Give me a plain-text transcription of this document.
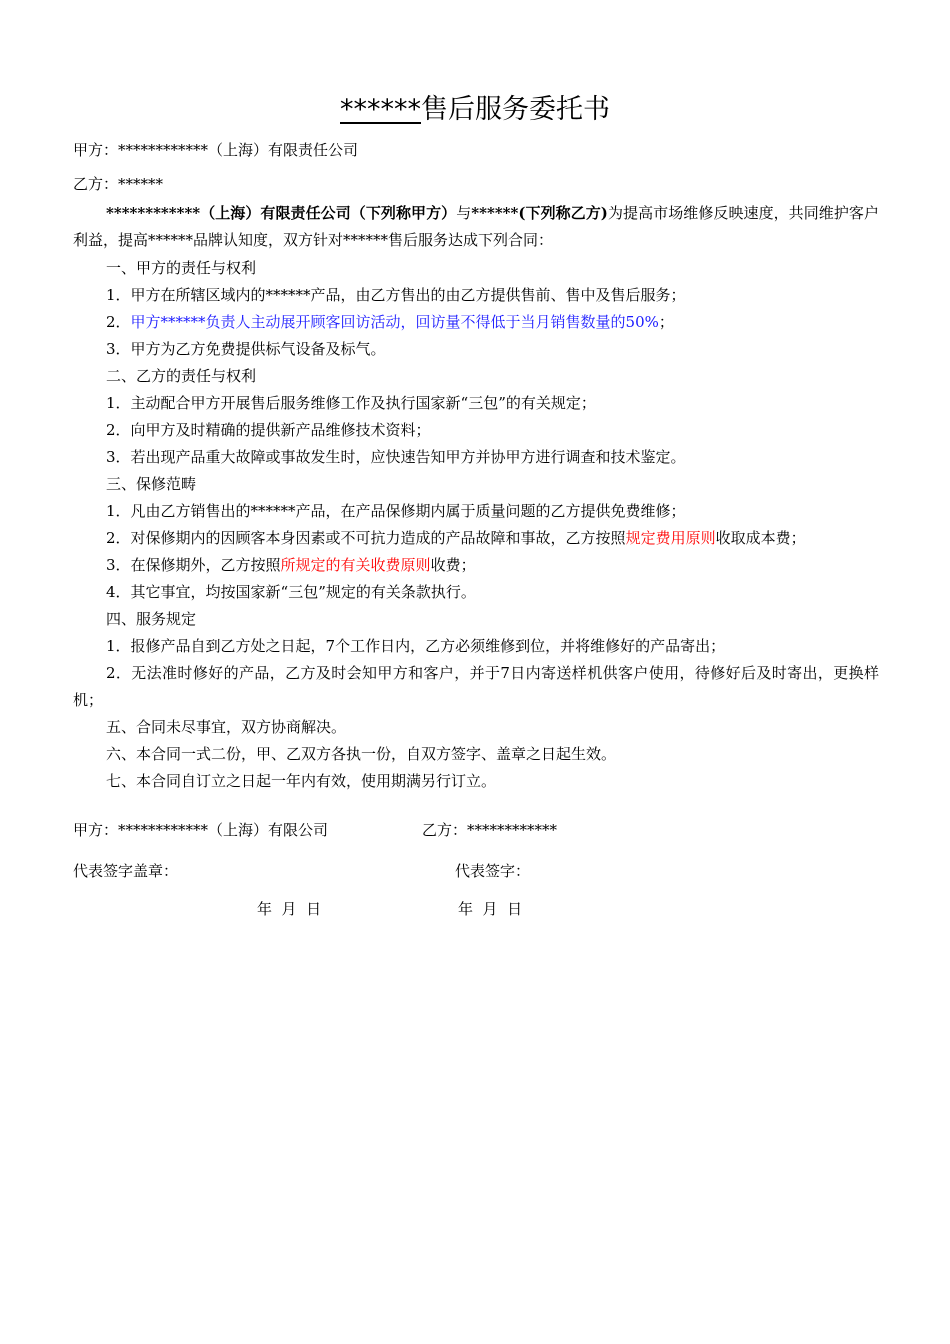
******售后服务委托书
甲方：************（上海）有限责任公司
乙方：******
************（上海）有限责任公司（下列称甲方）与******(下列称乙方)为提高市场维修反映速度，共同维护客户利益，提高******品牌认知度，双方针对******售后服务达成下列合同：
一、甲方的责任与权利
1．甲方在所辖区域内的******产品，由乙方售出的由乙方提供售前、售中及售后服务；
2．甲方******负责人主动展开顾客回访活动，回访量不得低于当月销售数量的50%；
3．甲方为乙方免费提供标气设备及标气。
二、乙方的责任与权利
1．主动配合甲方开展售后服务维修工作及执行国家新“三包”的有关规定；
2．向甲方及时精确的提供新产品维修技术资料；
3．若出现产品重大故障或事故发生时，应快速告知甲方并协甲方进行调查和技术鉴定。
三、保修范畴
1．凡由乙方销售出的******产品，在产品保修期内属于质量问题的乙方提供免费维修；
2．对保修期内的因顾客本身因素或不可抗力造成的产品故障和事故，乙方按照规定费用原则收取成本费；
3．在保修期外，乙方按照所规定的有关收费原则收费；
4．其它事宜，均按国家新“三包”规定的有关条款执行。
四、服务规定
1．报修产品自到乙方处之日起，7个工作日内，乙方必须维修到位，并将维修好的产品寄出；
2．无法准时修好的产品，乙方及时会知甲方和客户，并于7日内寄送样机供客户使用，待修好后及时寄出，更换样机；
五、合同未尽事宜，双方协商解决。
六、本合同一式二份，甲、乙双方各执一份，自双方签字、盖章之日起生效。
七、本合同自订立之日起一年内有效，使用期满另行订立。
甲方：************（上海）有限公司	乙方：************
代表签字盖章：	代表签字：
年  月  日	年  月  日
